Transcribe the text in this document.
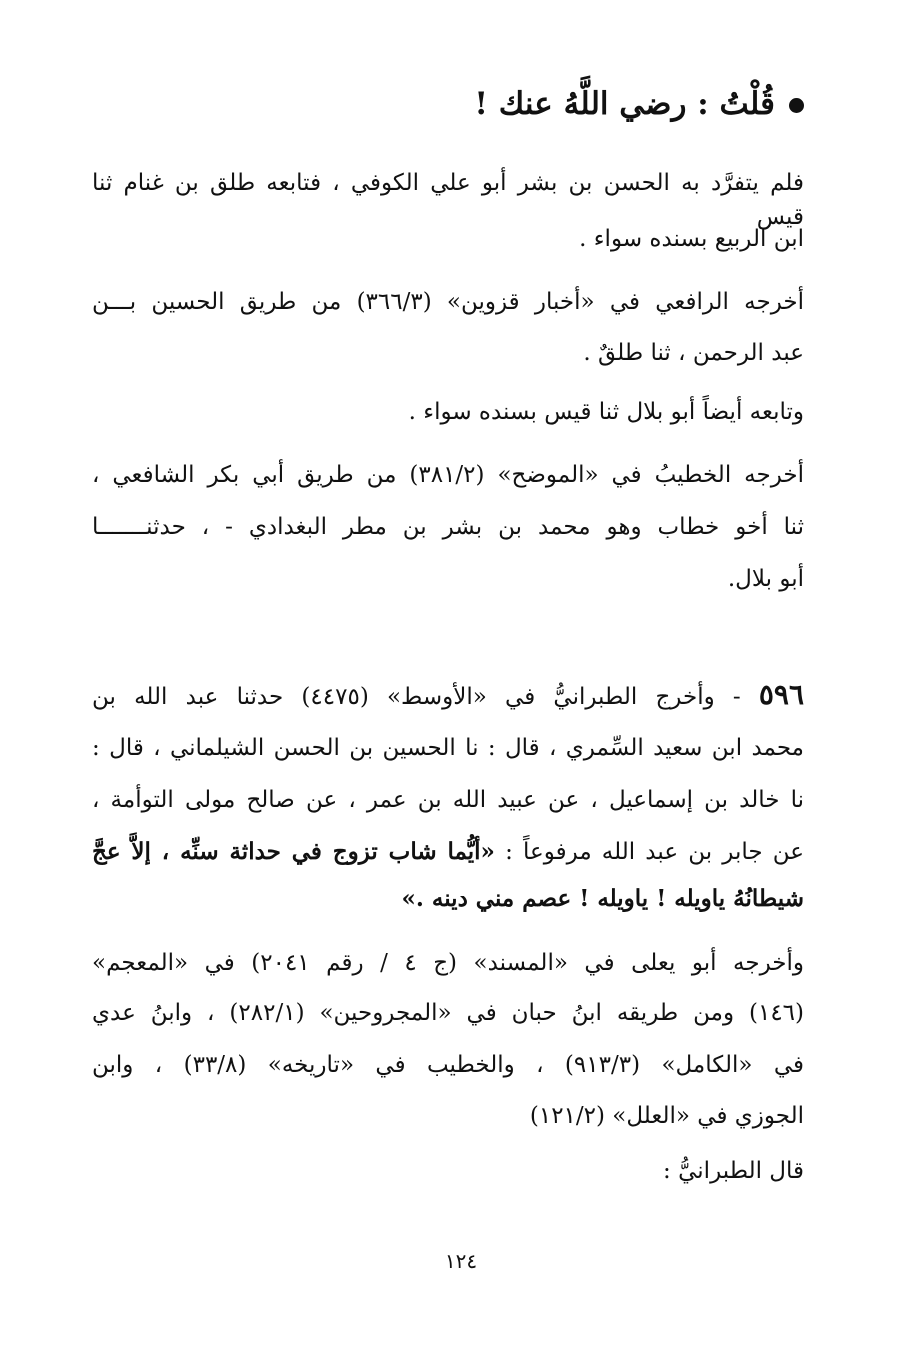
قُلْتُ : رضي اللَّهُ عنك !
فلم يتفرَّد به الحسن بن بشر أبو علي الكوفي ، فتابعه طلق بن غنام ثنا قيس
ابن الربيع بسنده سواء .
أخرجه الرافعي في «أخبار قزوين» (٣٦٦/٣) من طريق الحسين بـــن
عبد الرحمن ، ثنا طلقٌ .
وتابعه أيضاً أبو بلال ثنا قيس بسنده سواء .
أخرجه الخطيبُ في «الموضح» (٣٨١/٢) من طريق أبي بكر الشافعي ،
ثنا أخو خطاب وهو محمد بن بشر بن مطر البغدادي - ، حدثنـــــــا
أبو بلال.
٥٩٦ - وأخرج الطبرانيُّ في «الأوسط» (٤٤٧٥) حدثنا عبد الله بن
محمد ابن سعيد السِّمري ، قال : نا الحسين بن الحسن الشيلماني ، قال :
نا خالد بن إسماعيل ، عن عبيد الله بن عمر ، عن صالح مولى التوأمة ،
عن جابر بن عبد الله مرفوعاً : «أيُّما شاب تزوج في حداثة سنِّه ، إلاَّ عجَّ
شيطانُهُ ياويله ! ياويله ! عصم مني دينه .»
وأخرجه أبو يعلى في «المسند» (ج ٤ / رقم ٢٠٤١) في «المعجم»
(١٤٦) ومن طريقه ابنُ حبان في «المجروحين» (٢٨٢/١) ، وابنُ عدي
في «الكامل» (٩١٣/٣) ، والخطيب في «تاريخه» (٣٣/٨) ، وابن
الجوزي في «العلل» (١٢١/٢)
قال الطبرانيُّ :
١٢٤
